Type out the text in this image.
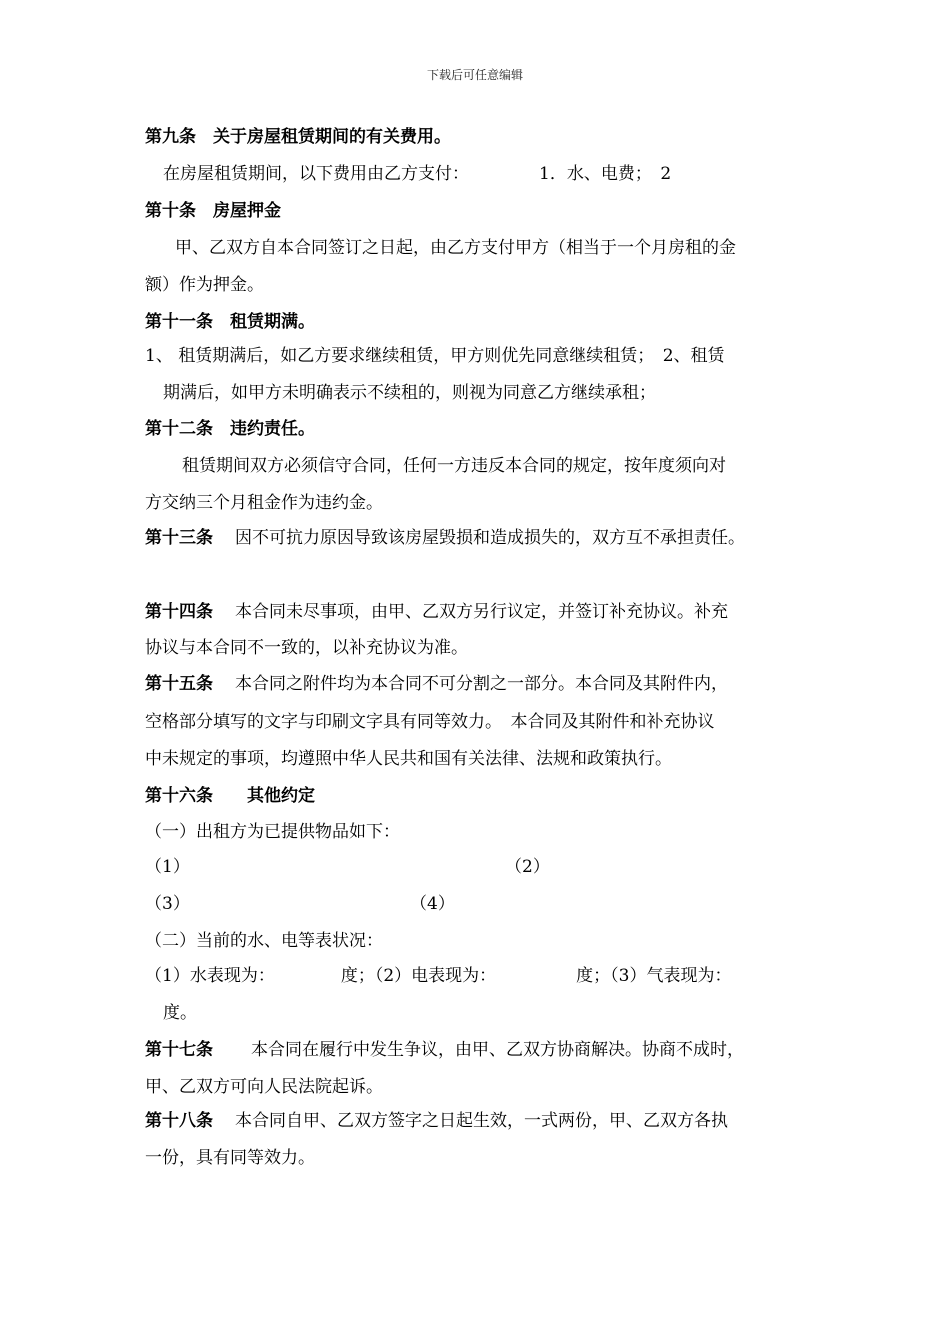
下载后可任意编辑
第九条　关于房屋租赁期间的有关费用。
在房屋租赁期间，以下费用由乙方支付：	1．水、电费；　2
第十条　房屋押金
甲、乙双方自本合同签订之日起，由乙方支付甲方（相当于一个月房租的金
额）作为押金。
第十一条　租赁期满。
1、 租赁期满后，如乙方要求继续租赁，甲方则优先同意继续租赁；　2、租赁
期满后，如甲方未明确表示不续租的，则视为同意乙方继续承租；
第十二条　违约责任。
租赁期间双方必须信守合同，任何一方违反本合同的规定，按年度须向对
方交纳三个月租金作为违约金。
第十三条 因不可抗力原因导致该房屋毁损和造成损失的，双方互不承担责任。
第十四条 本合同未尽事项，由甲、乙双方另行议定，并签订补充协议。补充
协议与本合同不一致的，以补充协议为准。
第十五条 本合同之附件均为本合同不可分割之一部分。本合同及其附件内，
空格部分填写的文字与印刷文字具有同等效力。　本合同及其附件和补充协议
中未规定的事项，均遵照中华人民共和国有关法律、法规和政策执行。
第十六条　　其他约定
（一）出租方为已提供物品如下：
（1）	（2）
（3）	（4）
（二）当前的水、电等表状况：
（1）水表现为：	度；（2）电表现为：	度；（3）气表现为：
度。
第十七条 本合同在履行中发生争议，由甲、乙双方协商解决。协商不成时，
甲、乙双方可向人民法院起诉。
第十八条 本合同自甲、乙双方签字之日起生效，一式两份，甲、乙双方各执
一份，具有同等效力。
